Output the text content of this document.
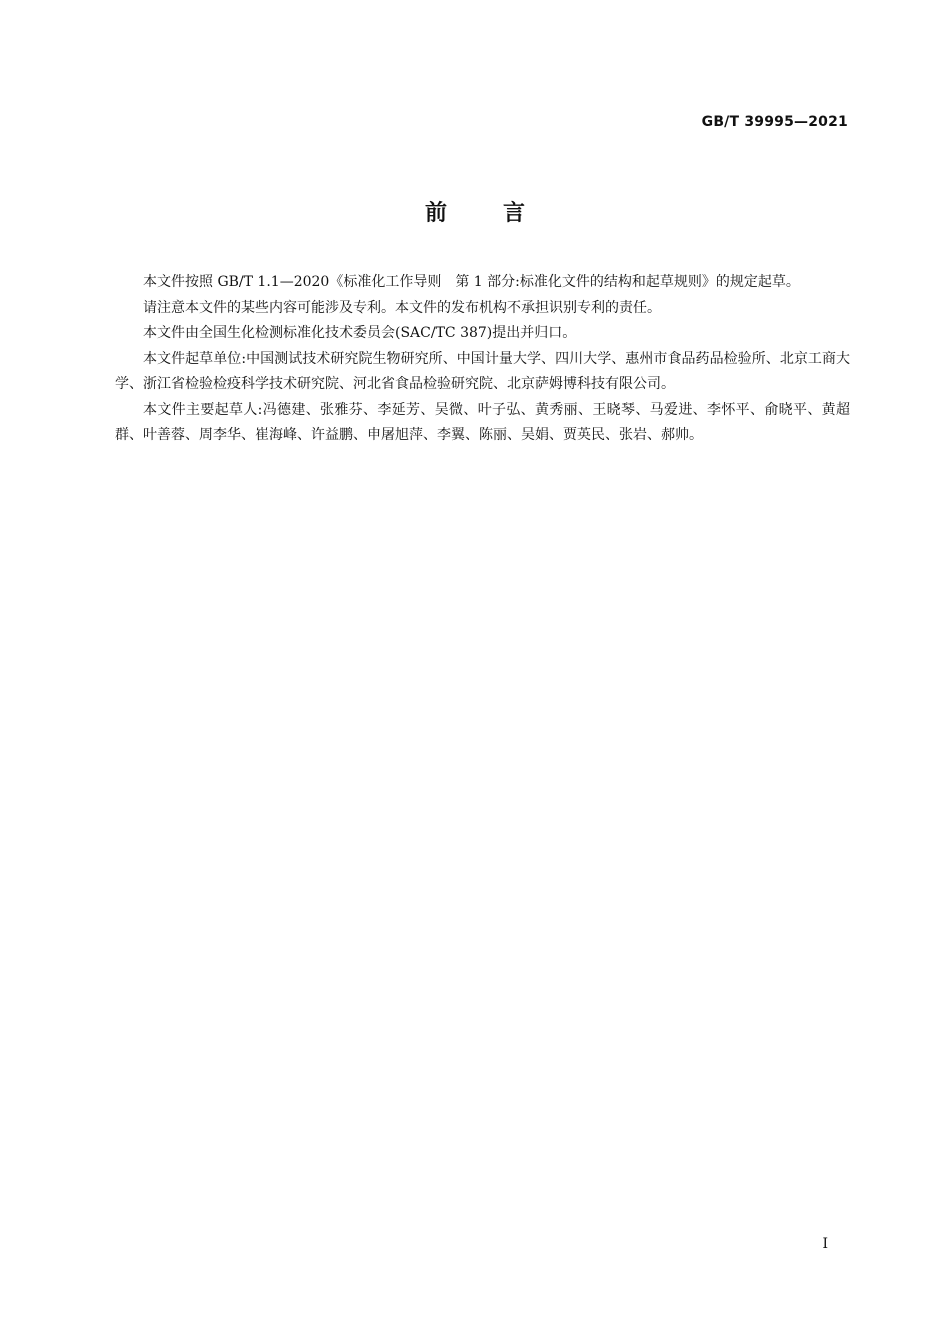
GB/T 39995—2021
前言

本文件按照 GB/T 1.1—2020《标准化工作导则　第 1 部分:标准化文件的结构和起草规则》的规定起草。

请注意本文件的某些内容可能涉及专利。本文件的发布机构不承担识别专利的责任。

本文件由全国生化检测标准化技术委员会(SAC/TC 387)提出并归口。

本文件起草单位:中国测试技术研究院生物研究所、中国计量大学、四川大学、惠州市食品药品检验所、北京工商大学、浙江省检验检疫科学技术研究院、河北省食品检验研究院、北京萨姆博科技有限公司。

本文件主要起草人:冯德建、张雅芬、李延芳、吴微、叶子弘、黄秀丽、王晓琴、马爱进、李怀平、俞晓平、黄超群、叶善蓉、周李华、崔海峰、许益鹏、申屠旭萍、李翼、陈丽、吴娟、贾英民、张岩、郝帅。

Ⅰ
